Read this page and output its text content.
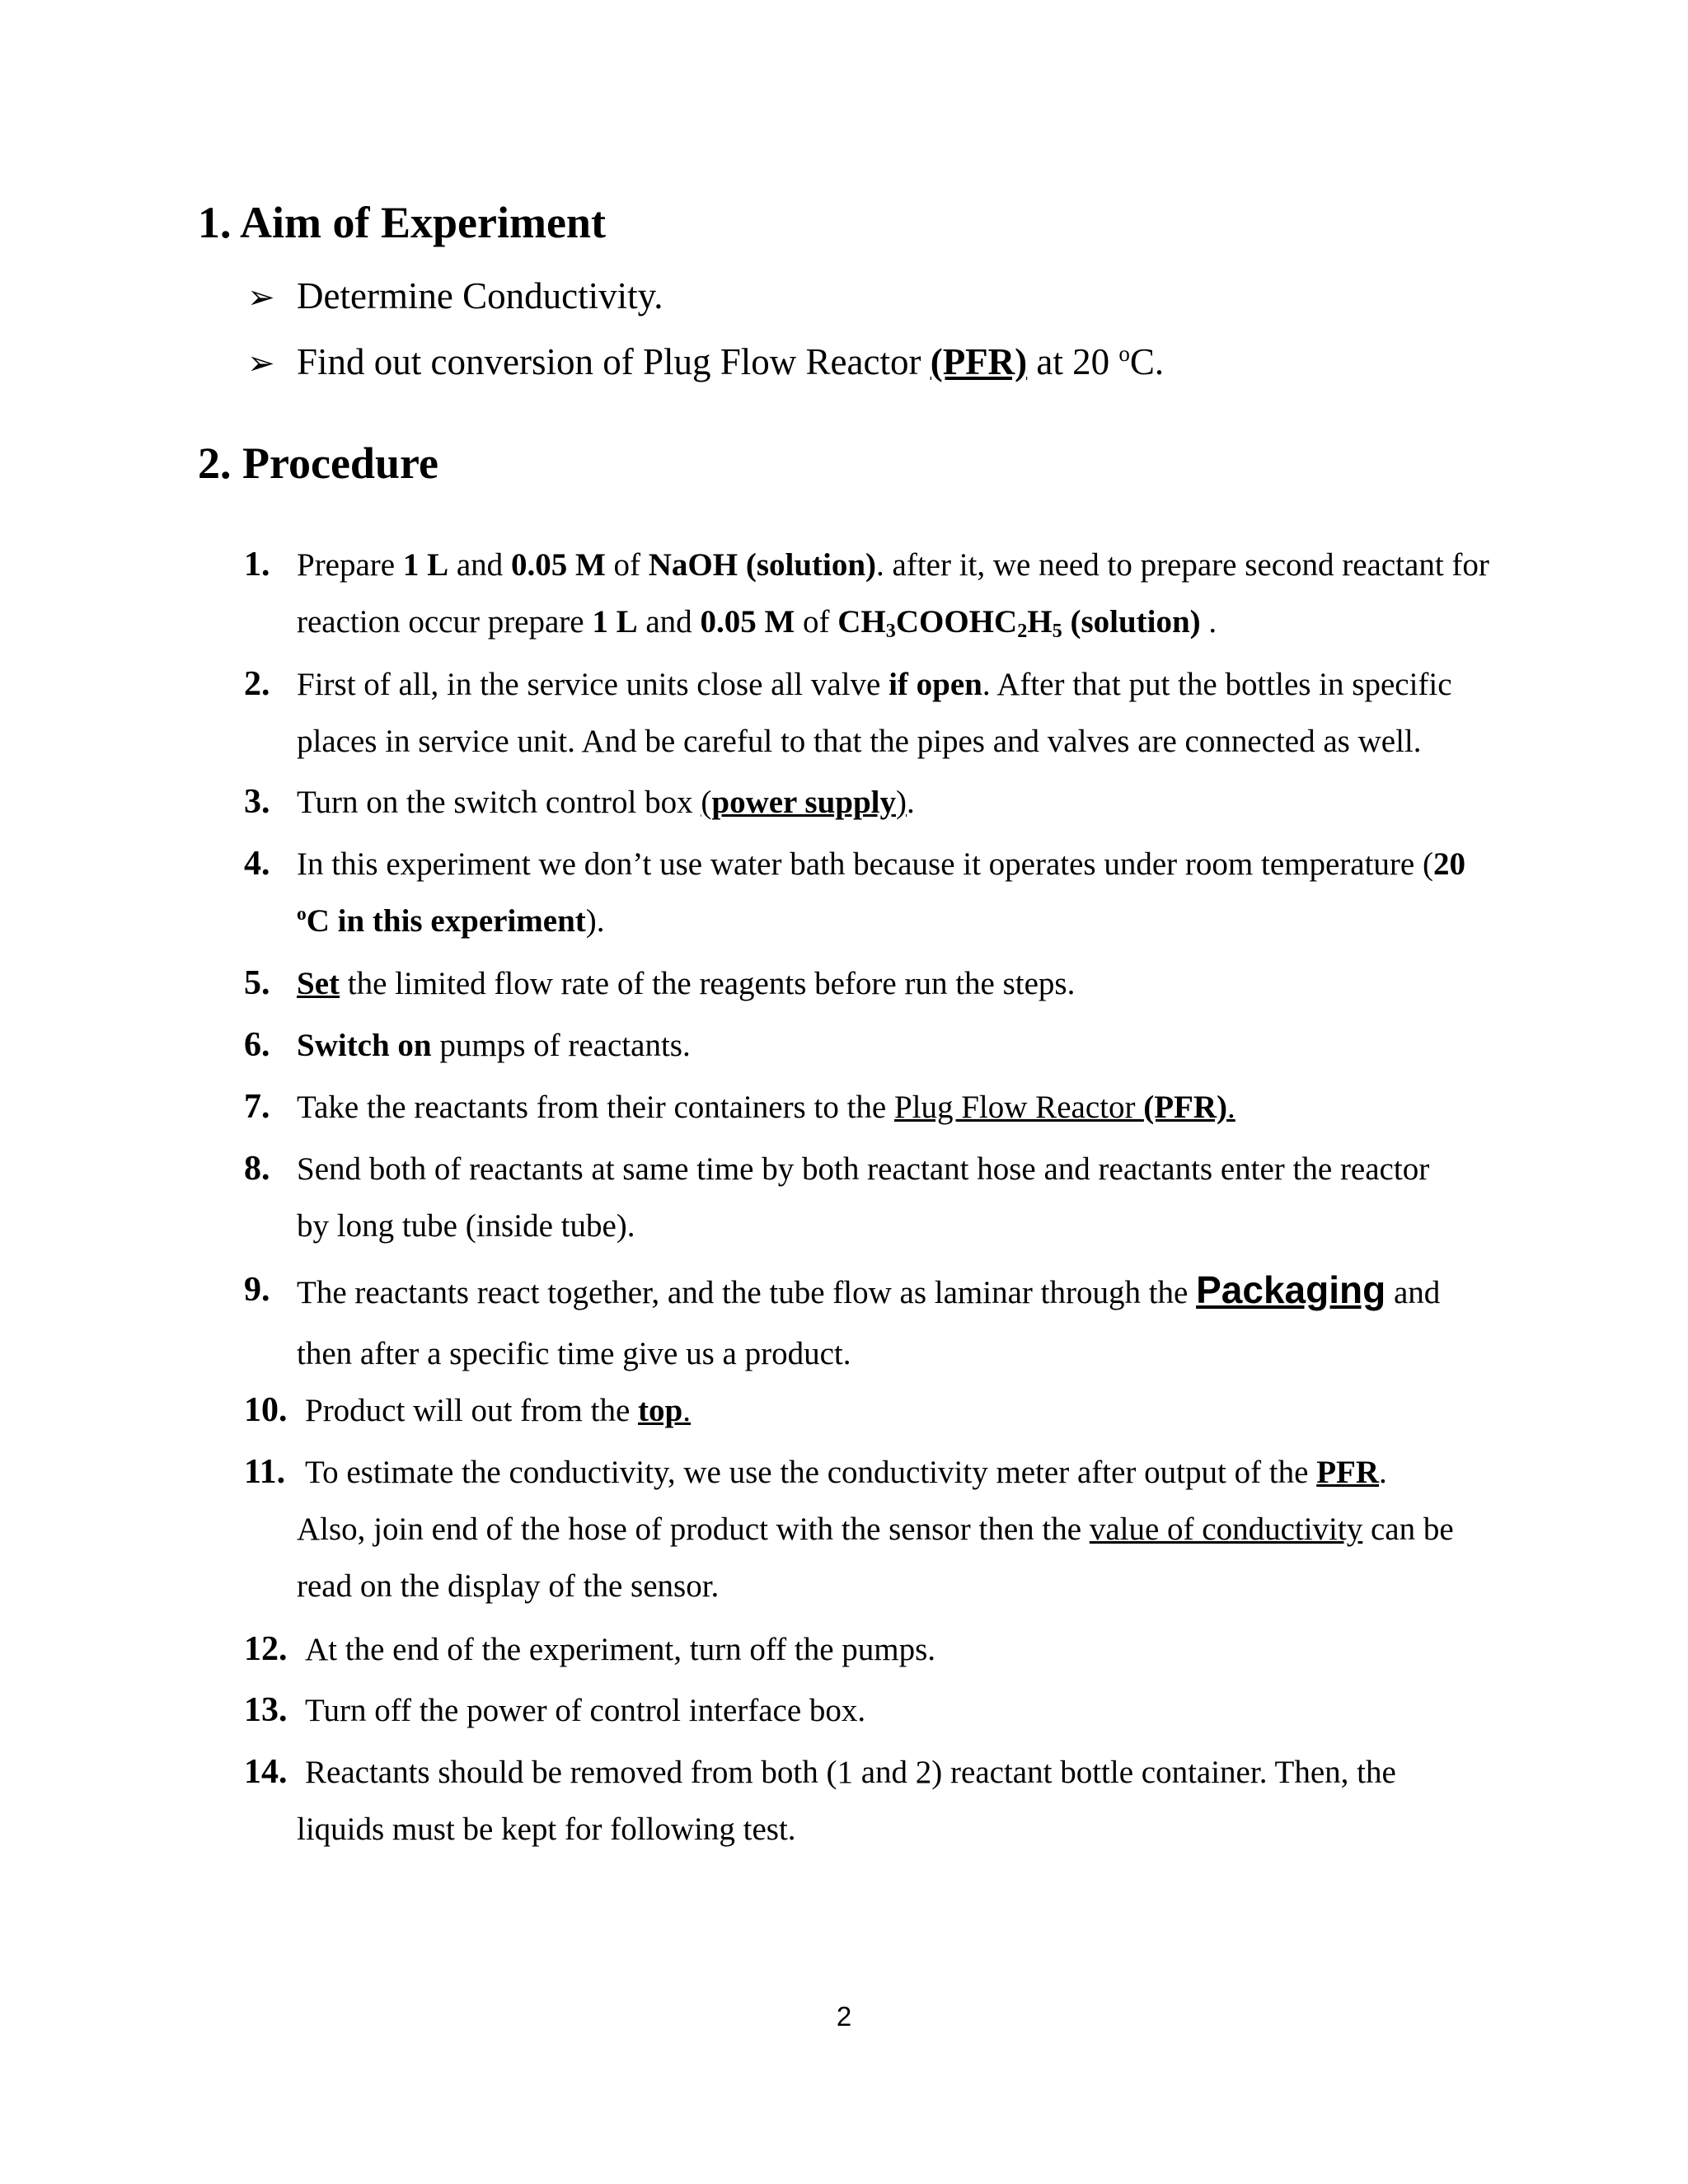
1. Aim of Experiment
➢ Determine Conductivity.
➢ Find out conversion of Plug Flow Reactor (PFR) at 20 $^o$C.
2. Procedure
1. Prepare 1 L and 0.05 M of NaOH (solution). after it, we need to prepare second reactant for reaction occur prepare 1 L and 0.05 M of $CH_3COOHC_2H_5$ (solution) .
2. First of all, in the service units close all valve if open. After that put the bottles in specific places in service unit. And be careful to that the pipes and valves are connected as well.
3. Turn on the switch control box (power supply).
4. In this experiment we don’t use water bath because it operates under room temperature (20 $^o$C in this experiment).
5. Set the limited flow rate of the reagents before run the steps.
6. Switch on pumps of reactants.
7. Take the reactants from their containers to the Plug Flow Reactor (PFR).
8. Send both of reactants at same time by both reactant hose and reactants enter the reactor
by long tube (inside tube).
9. The reactants react together, and the tube flow as laminar through the Packaging and
then after a specific time give us a product.
10. Product will out from the top.
11. To estimate the conductivity, we use the conductivity meter after output of the PFR.
Also, join end of the hose of product with the sensor then the value of conductivity can be
read on the display of the sensor.
12. At the end of the experiment, turn off the pumps.
13. Turn off the power of control interface box.
14. Reactants should be removed from both (1 and 2) reactant bottle container. Then, the
liquids must be kept for following test.
2
